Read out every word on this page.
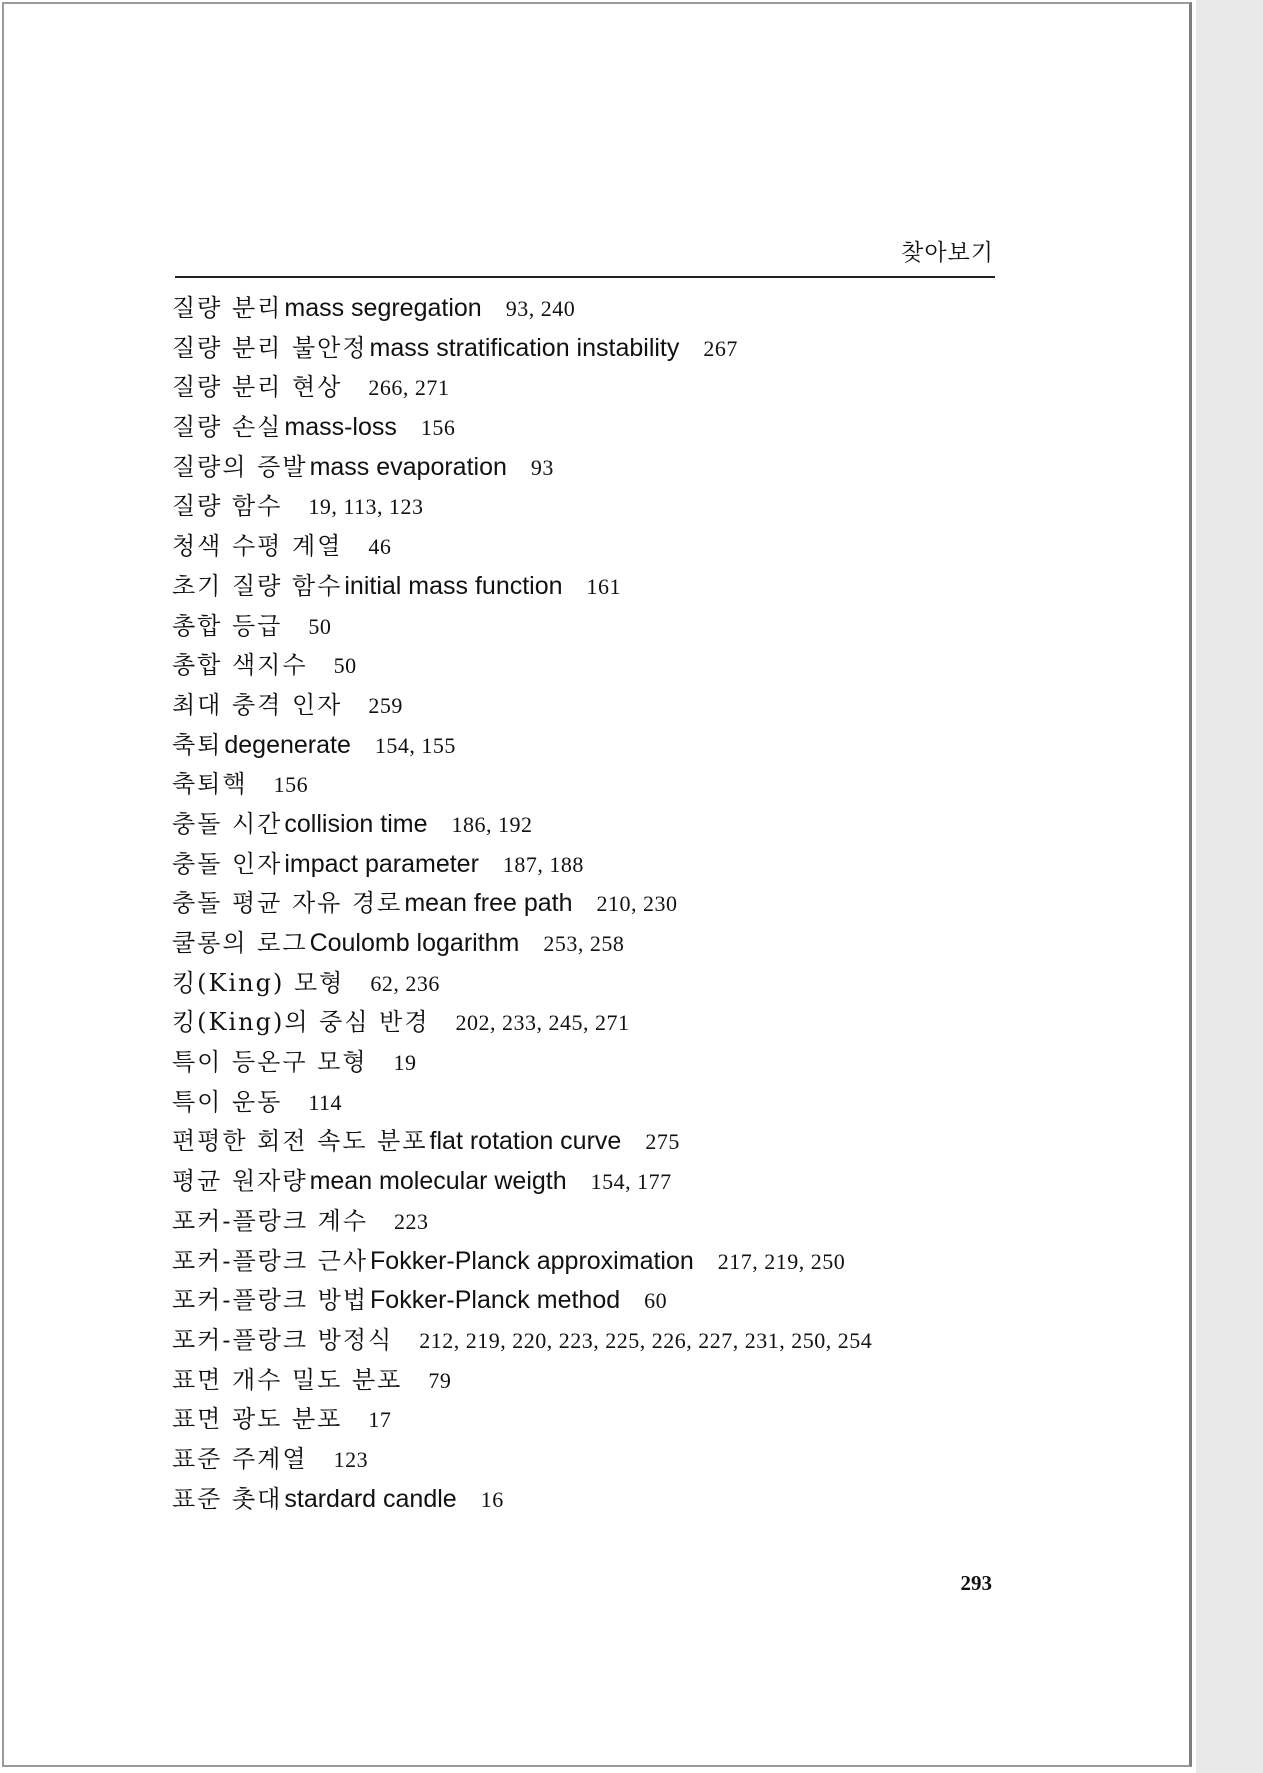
찾아보기
질량 분리mass segregation 93, 240
질량 분리 불안정mass stratification instability 267
질량 분리 현상 266, 271
질량 손실mass-loss 156
질량의 증발mass evaporation 93
질량 함수 19, 113, 123
청색 수평 계열 46
초기 질량 함수initial mass function 161
총합 등급 50
총합 색지수 50
최대 충격 인자 259
축퇴degenerate 154, 155
축퇴핵 156
충돌 시간collision time 186, 192
충돌 인자impact parameter 187, 188
충돌 평균 자유 경로mean free path 210, 230
쿨롱의 로그Coulomb logarithm 253, 258
킹(King) 모형 62, 236
킹(King)의 중심 반경 202, 233, 245, 271
특이 등온구 모형 19
특이 운동 114
편평한 회전 속도 분포flat rotation curve 275
평균 원자량mean molecular weigth 154, 177
포커-플랑크 계수 223
포커-플랑크 근사Fokker-Planck approximation 217, 219, 250
포커-플랑크 방법Fokker-Planck method 60
포커-플랑크 방정식 212, 219, 220, 223, 225, 226, 227, 231, 250, 254
표면 개수 밀도 분포 79
표면 광도 분포 17
표준 주계열 123
표준 촛대stardard candle 16
293
